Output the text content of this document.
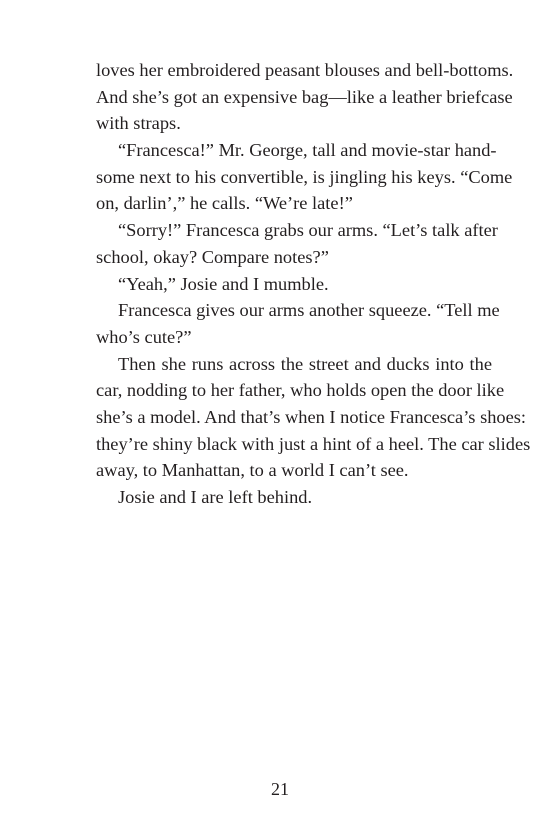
loves her embroidered peasant blouses and bell-bottoms.
And she’s got an expensive bag—like a leather briefcase
with straps.
“Francesca!” Mr. George, tall and movie-star hand-
some next to his convertible, is jingling his keys. “Come
on, darlin’,” he calls. “We’re late!”
“Sorry!” Francesca grabs our arms. “Let’s talk after
school, okay? Compare notes?”
“Yeah,” Josie and I mumble.
Francesca gives our arms another squeeze. “Tell me
who’s cute?”
Then she runs across the street and ducks into the
car, nodding to her father, who holds open the door like
she’s a model. And that’s when I notice Francesca’s shoes:
they’re shiny black with just a hint of a heel. The car slides
away, to Manhattan, to a world I can’t see.
Josie and I are left behind.
21
